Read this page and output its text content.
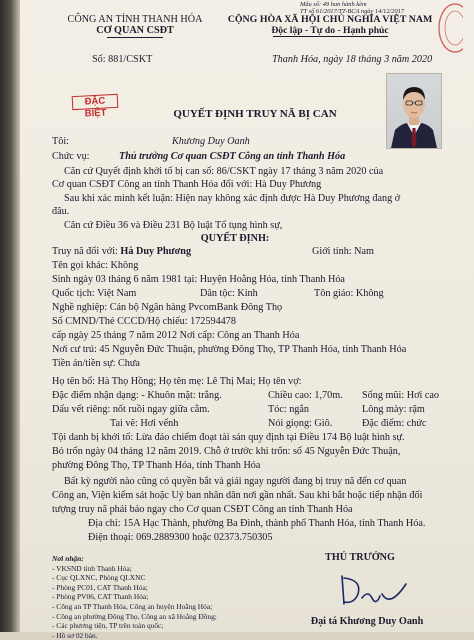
Mẫu số: 49 ban hành kèm
TT số 61/2017/TT-BCA ngày 14/12/2017
CÔNG AN TỈNH THANH HÓA
CƠ QUAN CSĐT
Số: 881/CSKT
CỘNG HÒA XÃ HỘI CHỦ NGHĨA VIỆT NAM
Độc lập - Tự do - Hạnh phúc
Thanh Hóa, ngày 18 tháng 3 năm 2020
ĐẶC BIỆT	QUYẾT ĐỊNH TRUY NÃ BỊ CAN
Tôi:	Khương Duy Oanh
Chức vụ:	Thủ trưởng Cơ quan CSĐT Công an tỉnh Thanh Hóa
Căn cứ Quyết định khởi tố bị can số: 86/CSKT ngày 17 tháng 3 năm 2020 của
Cơ quan CSĐT Công an tỉnh Thanh Hóa đối với: Hà Duy Phương
Sau khi xác minh kết luận: Hiện nay không xác định được Hà Duy Phương đang ở
đâu.
Căn cứ Điều 36 và Điều 231 Bộ luật Tố tụng hình sự,
QUYẾT ĐỊNH:
Truy nã đối với: Hà Duy Phương	Giới tính: Nam
Tên gọi khác: Không
Sinh ngày 03 tháng 6 năm 1981 tại: Huyện Hoằng Hóa, tỉnh Thanh Hóa
Quốc tịch: Việt Nam	Dân tộc: Kinh	Tôn giáo: Không
Nghề nghiệp: Cán bộ Ngân hàng PvcomBank Đông Thọ
Số CMND/Thẻ CCCD/Hộ chiếu: 172594478
cấp ngày 25 tháng 7 năm 2012 Nơi cấp: Công an Thanh Hóa
Nơi cư trú: 45 Nguyễn Đức Thuận, phường Đông Thọ, TP Thanh Hóa, tỉnh Thanh Hóa
Tiền án/tiền sự: Chưa
Họ tên bố: Hà Thọ Hồng; Họ tên mẹ: Lê Thị Mai; Họ tên vợ:
Đặc điểm nhận dạng: - Khuôn mặt: trắng.	Chiều cao: 1,70m. Sống mũi: Hơi cao
Dấu vết riêng: nốt ruồi ngay giữa cằm.	Tóc: ngắn	Lông mày: rậm
Tai vẽ: Hơi vểnh	Nói giọng: Giô.	Đặc điểm: chức
Tội danh bị khởi tố: Lừa đảo chiếm đoạt tài sản quy định tại Điều 174 Bộ luật hình sự.
Bỏ trốn ngày 04 tháng 12 năm 2019. Chỗ ở trước khi trốn: số 45 Nguyễn Đức Thuận,
phường Đông Thọ, TP Thanh Hóa, tỉnh Thanh Hóa
Bất kỳ người nào cũng có quyền bắt và giải ngay người đang bị truy nã đến cơ quan
Công an, Viện kiểm sát hoặc Uỷ ban nhân dân nơi gần nhất. Sau khi bắt hoặc tiếp nhận đối
tượng truy nã phải báo ngay cho Cơ quan CSĐT Công an tỉnh Thanh Hóa
Địa chỉ: 15A Hạc Thành, phường Ba Đình, thành phố Thanh Hóa, tỉnh Thanh Hóa.
Điện thoại: 069.2889300 hoặc 02373.750305
Nơi nhận:
- VKSND tỉnh Thanh Hóa;
- Cục QLXNC, Phòng QLXNC
- Phòng PC01, CAT Thanh Hóa;
- Phòng PV06, CAT Thanh Hóa;
- Công an TP Thanh Hóa, Công an huyện Hoằng Hóa;
- Công an phường Đông Thọ, Công an xã Hoằng Đồng;
- Các phương tiện, TP trên toàn quốc;
- Hồ sơ 02 bản.
THỦ TRƯỞNG
Đại tá Khương Duy Oanh
